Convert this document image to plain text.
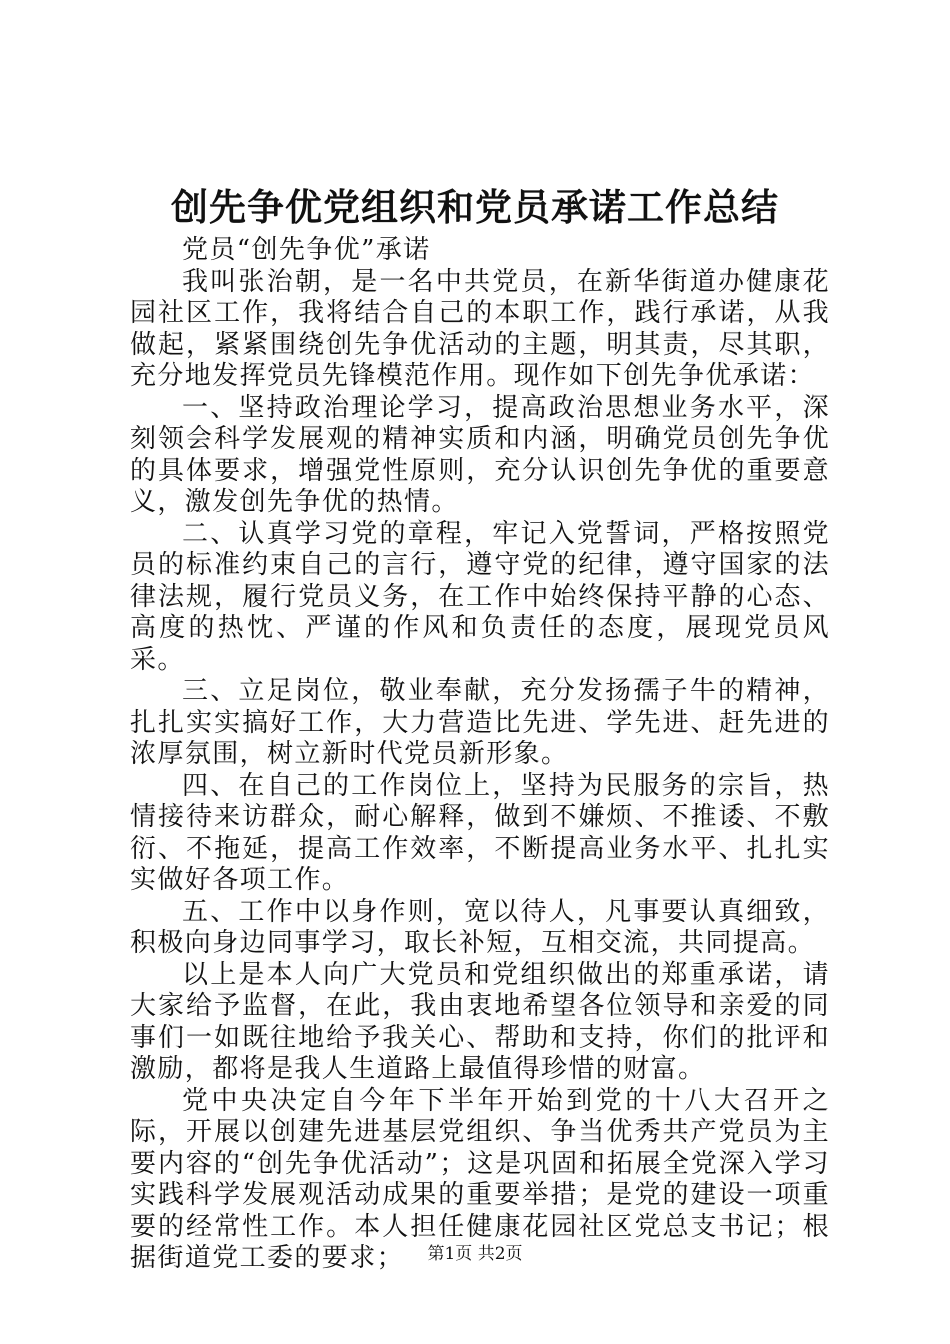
创先争优党组织和党员承诺工作总结

党员“创先争优”承诺

我叫张治朝，是一名中共党员，在新华街道办健康花园社区工作，我将结合自己的本职工作，践行承诺，从我做起，紧紧围绕创先争优活动的主题，明其责，尽其职，充分地发挥党员先锋模范作用。现作如下创先争优承诺：

一、坚持政治理论学习，提高政治思想业务水平，深刻领会科学发展观的精神实质和内涵，明确党员创先争优的具体要求，增强党性原则，充分认识创先争优的重要意义，激发创先争优的热情。

二、认真学习党的章程，牢记入党誓词，严格按照党员的标准约束自己的言行，遵守党的纪律，遵守国家的法律法规，履行党员义务，在工作中始终保持平静的心态、高度的热忱、严谨的作风和负责任的态度，展现党员风采。

三、立足岗位，敬业奉献，充分发扬孺子牛的精神，扎扎实实搞好工作，大力营造比先进、学先进、赶先进的浓厚氛围，树立新时代党员新形象。

四、在自己的工作岗位上，坚持为民服务的宗旨，热情接待来访群众，耐心解释，做到不嫌烦、不推诿、不敷衍、不拖延，提高工作效率，不断提高业务水平、扎扎实实做好各项工作。

五、工作中以身作则，宽以待人，凡事要认真细致，积极向身边同事学习，取长补短，互相交流，共同提高。

以上是本人向广大党员和党组织做出的郑重承诺，请大家给予监督，在此，我由衷地希望各位领导和亲爱的同事们一如既往地给予我关心、帮助和支持，你们的批评和激励，都将是我人生道路上最值得珍惜的财富。

党中央决定自今年下半年开始到党的十八大召开之际，开展以创建先进基层党组织、争当优秀共产党员为主要内容的“创先争优活动”；这是巩固和拓展全党深入学习实践科学发展观活动成果的重要举措；是党的建设一项重要的经常性工作。本人担任健康花园社区党总支书记；根据街道党工委的要求；	第1页 共2页
